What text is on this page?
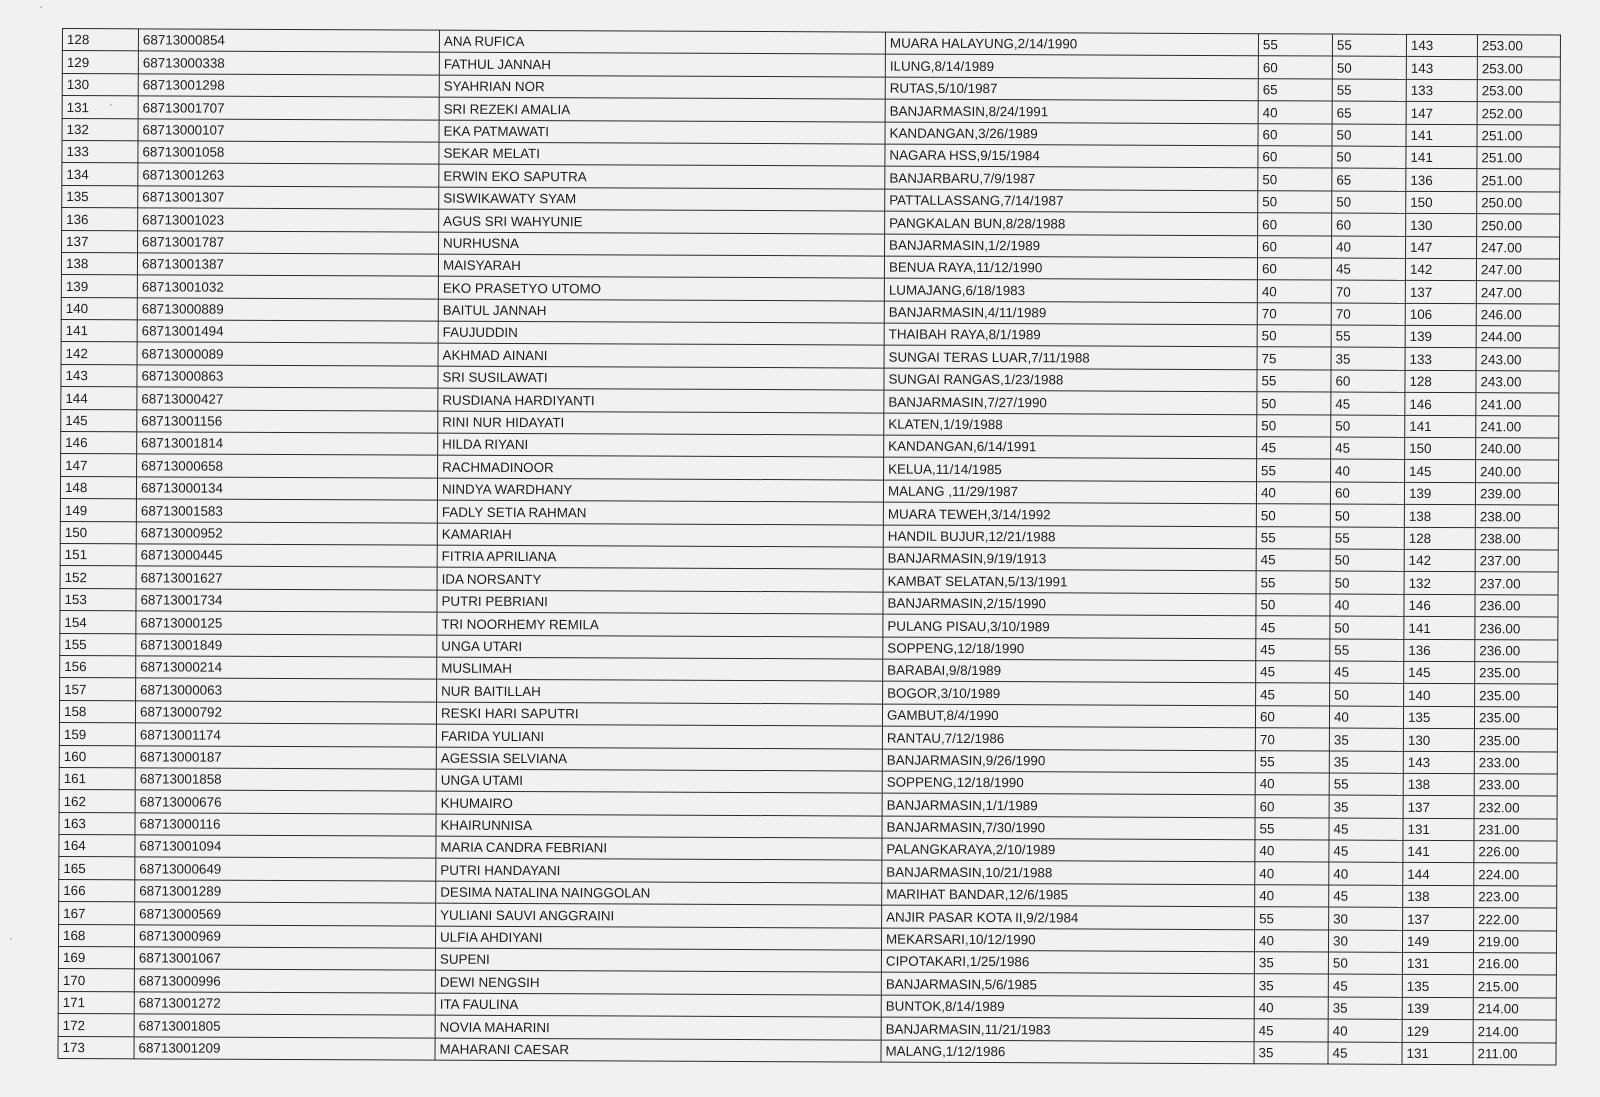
128	68713000854	ANA RUFICA	MUARA HALAYUNG,2/14/1990	55	55	143	253.00
129	68713000338	FATHUL JANNAH	ILUNG,8/14/1989	60	50	143	253.00
130	68713001298	SYAHRIAN NOR	RUTAS,5/10/1987	65	55	133	253.00
131	68713001707	SRI REZEKI AMALIA	BANJARMASIN,8/24/1991	40	65	147	252.00
132	68713000107	EKA PATMAWATI	KANDANGAN,3/26/1989	60	50	141	251.00
133	68713001058	SEKAR MELATI	NAGARA HSS,9/15/1984	60	50	141	251.00
134	68713001263	ERWIN EKO SAPUTRA	BANJARBARU,7/9/1987	50	65	136	251.00
135	68713001307	SISWIKAWATY SYAM	PATTALLASSANG,7/14/1987	50	50	150	250.00
136	68713001023	AGUS SRI WAHYUNIE	PANGKALAN BUN,8/28/1988	60	60	130	250.00
137	68713001787	NURHUSNA	BANJARMASIN,1/2/1989	60	40	147	247.00
138	68713001387	MAISYARAH	BENUA RAYA,11/12/1990	60	45	142	247.00
139	68713001032	EKO PRASETYO UTOMO	LUMAJANG,6/18/1983	40	70	137	247.00
140	68713000889	BAITUL JANNAH	BANJARMASIN,4/11/1989	70	70	106	246.00
141	68713001494	FAUJUDDIN	THAIBAH RAYA,8/1/1989	50	55	139	244.00
142	68713000089	AKHMAD AINANI	SUNGAI TERAS LUAR,7/11/1988	75	35	133	243.00
143	68713000863	SRI SUSILAWATI	SUNGAI RANGAS,1/23/1988	55	60	128	243.00
144	68713000427	RUSDIANA HARDIYANTI	BANJARMASIN,7/27/1990	50	45	146	241.00
145	68713001156	RINI NUR HIDAYATI	KLATEN,1/19/1988	50	50	141	241.00
146	68713001814	HILDA RIYANI	KANDANGAN,6/14/1991	45	45	150	240.00
147	68713000658	RACHMADINOOR	KELUA,11/14/1985	55	40	145	240.00
148	68713000134	NINDYA WARDHANY	MALANG ,11/29/1987	40	60	139	239.00
149	68713001583	FADLY SETIA RAHMAN	MUARA TEWEH,3/14/1992	50	50	138	238.00
150	68713000952	KAMARIAH	HANDIL BUJUR,12/21/1988	55	55	128	238.00
151	68713000445	FITRIA APRILIANA	BANJARMASIN,9/19/1913	45	50	142	237.00
152	68713001627	IDA NORSANTY	KAMBAT SELATAN,5/13/1991	55	50	132	237.00
153	68713001734	PUTRI PEBRIANI	BANJARMASIN,2/15/1990	50	40	146	236.00
154	68713000125	TRI NOORHEMY REMILA	PULANG PISAU,3/10/1989	45	50	141	236.00
155	68713001849	UNGA UTARI	SOPPENG,12/18/1990	45	55	136	236.00
156	68713000214	MUSLIMAH	BARABAI,9/8/1989	45	45	145	235.00
157	68713000063	NUR BAITILLAH	BOGOR,3/10/1989	45	50	140	235.00
158	68713000792	RESKI HARI SAPUTRI	GAMBUT,8/4/1990	60	40	135	235.00
159	68713001174	FARIDA YULIANI	RANTAU,7/12/1986	70	35	130	235.00
160	68713000187	AGESSIA SELVIANA	BANJARMASIN,9/26/1990	55	35	143	233.00
161	68713001858	UNGA UTAMI	SOPPENG,12/18/1990	40	55	138	233.00
162	68713000676	KHUMAIRO	BANJARMASIN,1/1/1989	60	35	137	232.00
163	68713000116	KHAIRUNNISA	BANJARMASIN,7/30/1990	55	45	131	231.00
164	68713001094	MARIA CANDRA FEBRIANI	PALANGKARAYA,2/10/1989	40	45	141	226.00
165	68713000649	PUTRI HANDAYANI	BANJARMASIN,10/21/1988	40	40	144	224.00
166	68713001289	DESIMA NATALINA NAINGGOLAN	MARIHAT BANDAR,12/6/1985	40	45	138	223.00
167	68713000569	YULIANI SAUVI ANGGRAINI	ANJIR PASAR KOTA II,9/2/1984	55	30	137	222.00
168	68713000969	ULFIA AHDIYANI	MEKARSARI,10/12/1990	40	30	149	219.00
169	68713001067	SUPENI	CIPOTAKARI,1/25/1986	35	50	131	216.00
170	68713000996	DEWI NENGSIH	BANJARMASIN,5/6/1985	35	45	135	215.00
171	68713001272	ITA FAULINA	BUNTOK,8/14/1989	40	35	139	214.00
172	68713001805	NOVIA MAHARINI	BANJARMASIN,11/21/1983	45	40	129	214.00
173	68713001209	MAHARANI CAESAR	MALANG,1/12/1986	35	45	131	211.00
